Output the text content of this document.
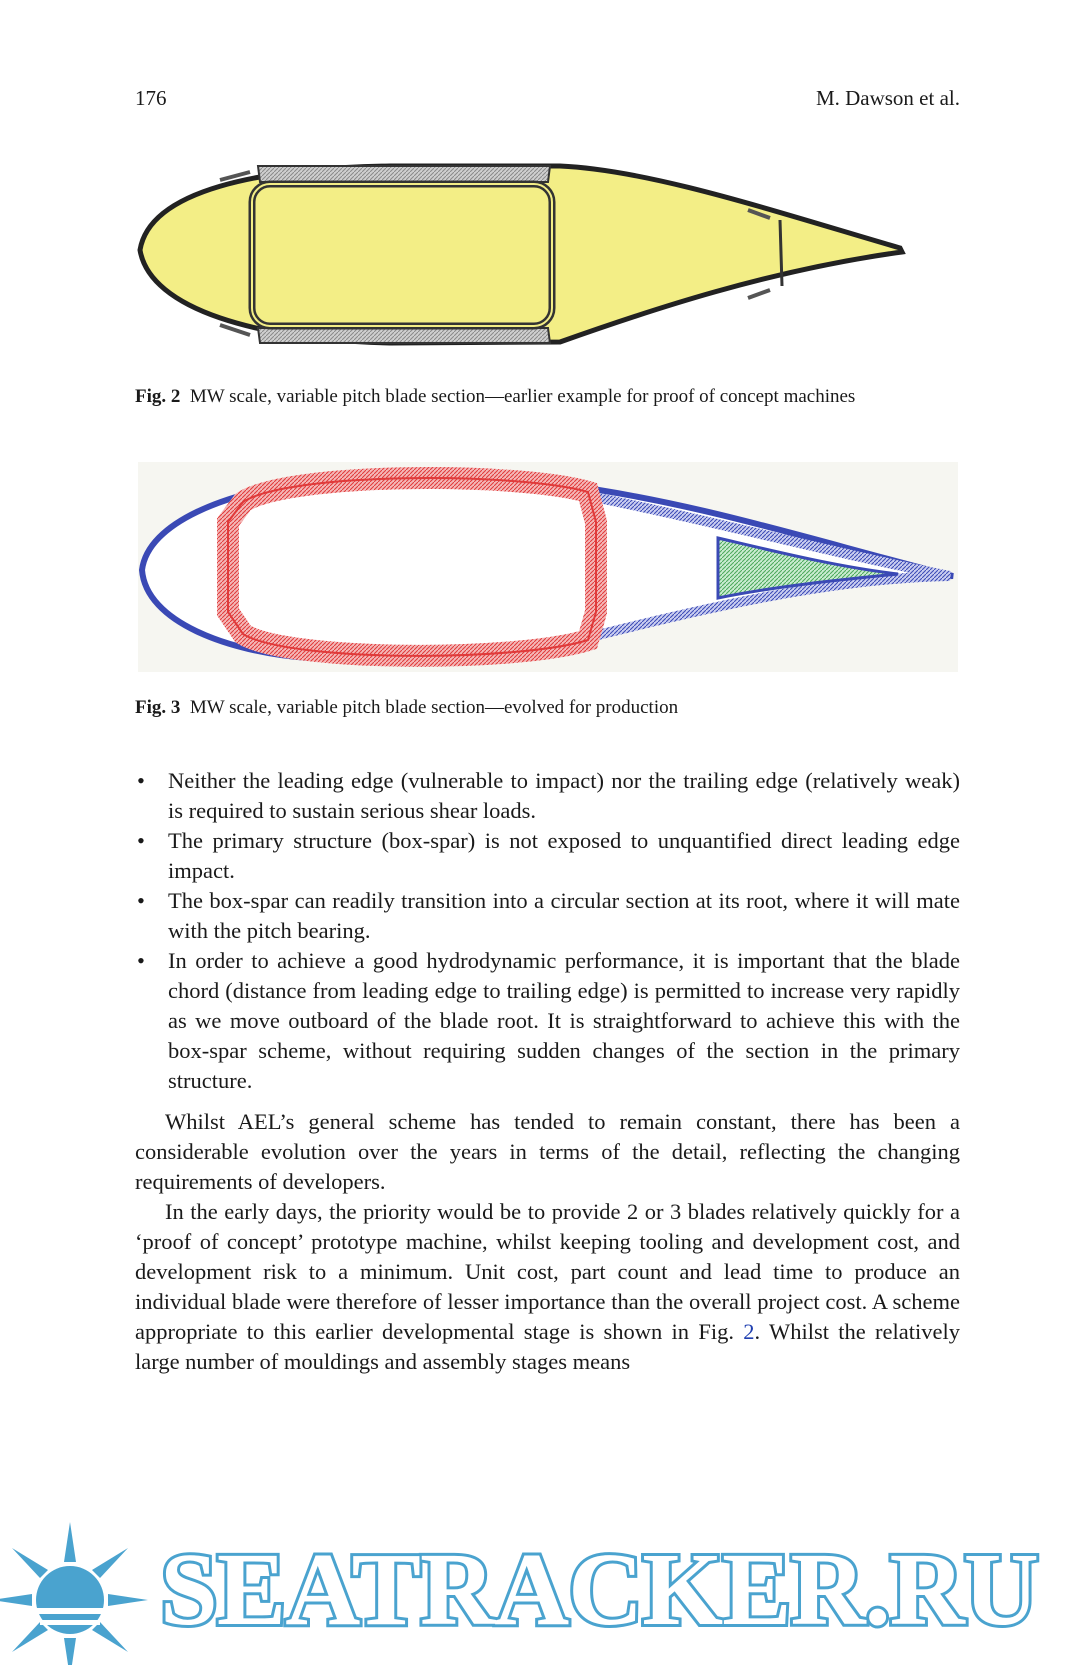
176	M. Dawson et al.
Fig. 2 MW scale, variable pitch blade section—earlier example for proof of concept machines
Fig. 3 MW scale, variable pitch blade section—evolved for production
• Neither the leading edge (vulnerable to impact) nor the trailing edge (relatively weak) is required to sustain serious shear loads.
• The primary structure (box-spar) is not exposed to unquantified direct leading edge impact.
• The box-spar can readily transition into a circular section at its root, where it will mate with the pitch bearing.
• In order to achieve a good hydrodynamic performance, it is important that the blade chord (distance from leading edge to trailing edge) is permitted to increase very rapidly as we move outboard of the blade root. It is straightforward to achieve this with the box-spar scheme, without requiring sudden changes of the section in the primary structure.

Whilst AEL’s general scheme has tended to remain constant, there has been a considerable evolution over the years in terms of the detail, reflecting the changing requirements of developers.

In the early days, the priority would be to provide 2 or 3 blades relatively quickly for a ‘proof of concept’ prototype machine, whilst keeping tooling and development cost, and development risk to a minimum. Unit cost, part count and lead time to produce an individual blade were therefore of lesser importance than the overall project cost. A scheme appropriate to this earlier developmental stage is shown in Fig. 2. Whilst the relatively large number of mouldings and assembly stages means

SEATRACKER.RU
